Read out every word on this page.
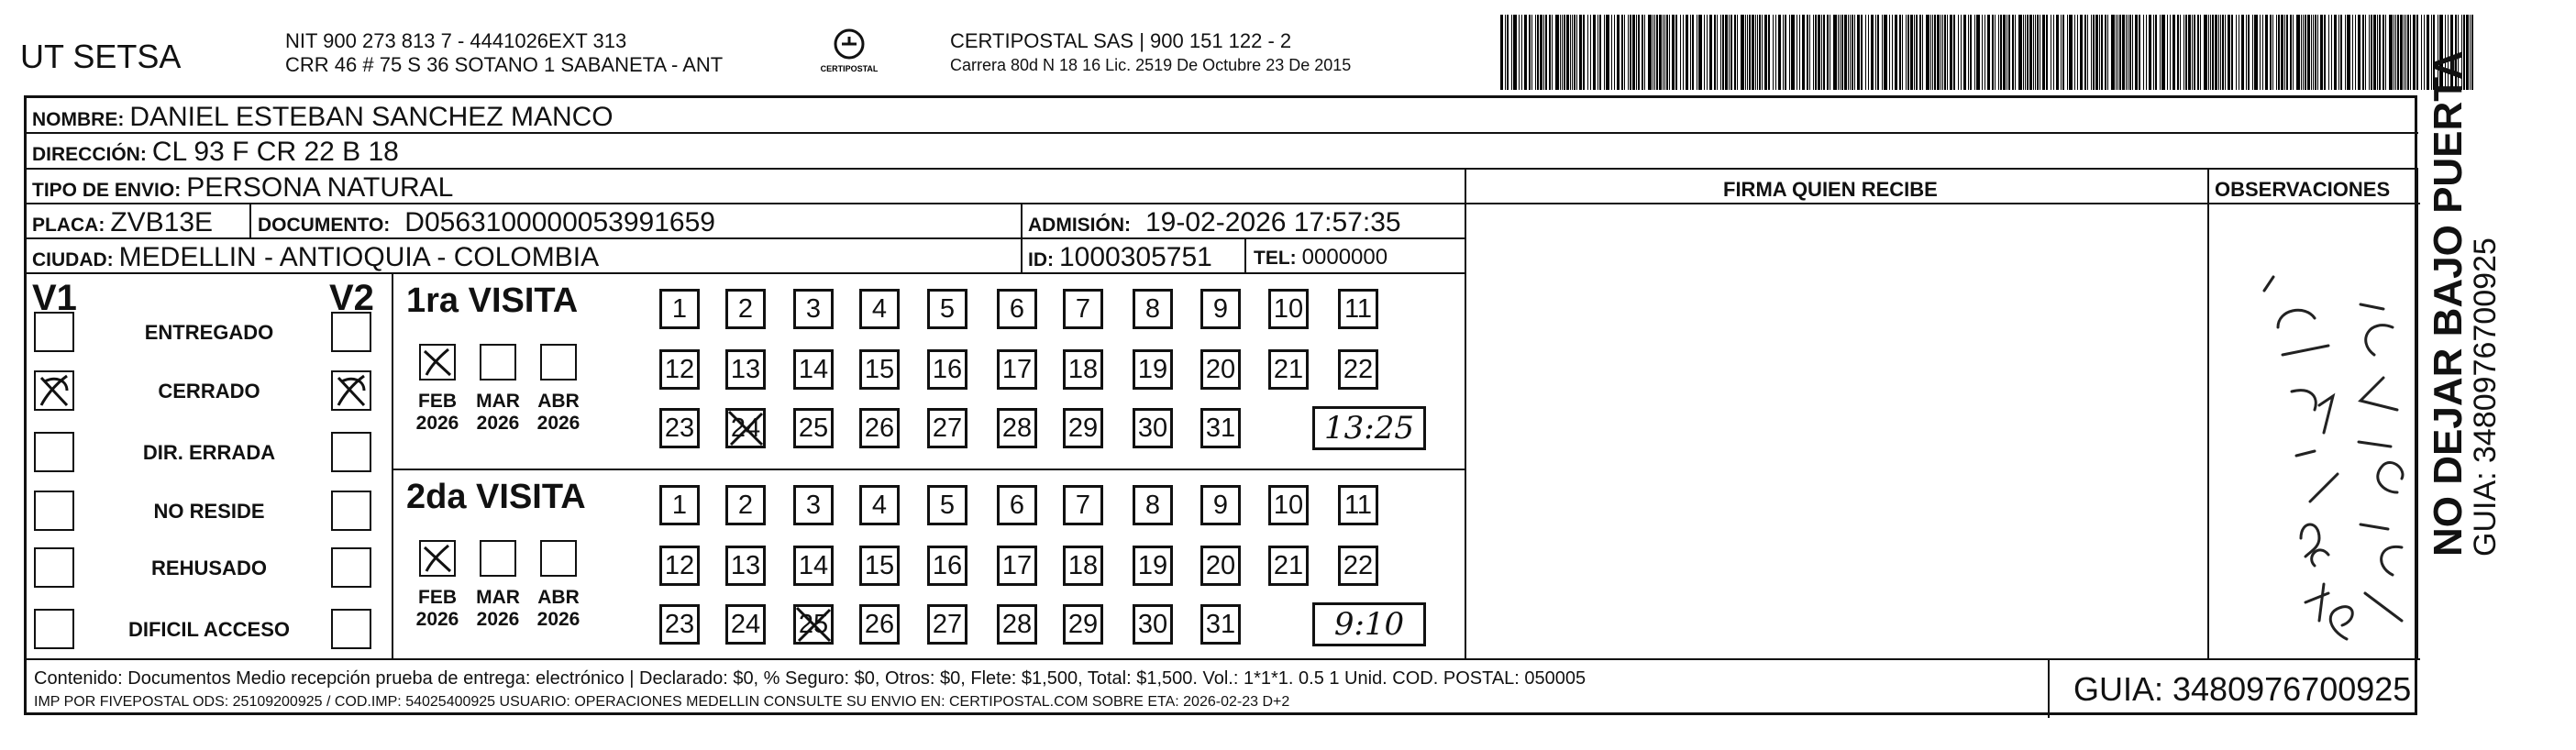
UT SETSA	NIT 900 273 813 7 - 4441026EXT 313
CRR 46 # 75 S 36 SOTANO 1 SABANETA - ANT	CERTIPOSTAL
CERTIPOSTAL SAS | 900 151 122 - 2
Carrera 80d N 18 16 Lic. 2519 De Octubre 23 De 2015
NOMBRE: DANIEL ESTEBAN SANCHEZ MANCO
DIRECCIÓN: CL 93 F CR 22 B 18
TIPO DE ENVIO: PERSONA NATURAL	FIRMA QUIEN RECIBE	OBSERVACIONES
PLACA: ZVB13E DOCUMENTO: D0563100000053991659	ADMISIÓN: 19-02-2026 17:57:35
CIUDAD: MEDELLIN - ANTIOQUIA - COLOMBIA	ID: 1000305751 TEL: 0000000
V1	V2
ENTREGADO
CERRADO
DIR. ERRADA
NO RESIDE
REHUSADO
DIFICIL ACCESO
1ra VISITA
FEB
2026
MAR
2026
ABR
2026
1	2	3	4	5	6	7	8	9	10 11
12 13 14 15 16 17 18 19 20 21 22
23 24 25 26 27 28 29 30 31	13:25
2da VISITA
FEB
2026
MAR
2026
ABR
2026
1	2	3	4	5	6	7	8	9	10 11
12 13 14 15 16 17 18 19 20 21 22
23 24 25 26 27 28 29 30 31	9:10
Contenido: Documentos Medio recepción prueba de entrega: electrónico | Declarado: $0, % Seguro: $0, Otros: $0, Flete: $1,500, Total: $1,500. Vol.: 1*1*1. 0.5 1 Unid. COD. POSTAL: 050005
IMP POR FIVEPOSTAL ODS: 25109200925 / COD.IMP: 54025400925 USUARIO: OPERACIONES MEDELLIN CONSULTE SU ENVIO EN: CERTIPOSTAL.COM SOBRE ETA: 2026-02-23 D+2	GUIA: 3480976700925
NO DEJAR BAJO PUERTA
GUIA: 3480976700925
